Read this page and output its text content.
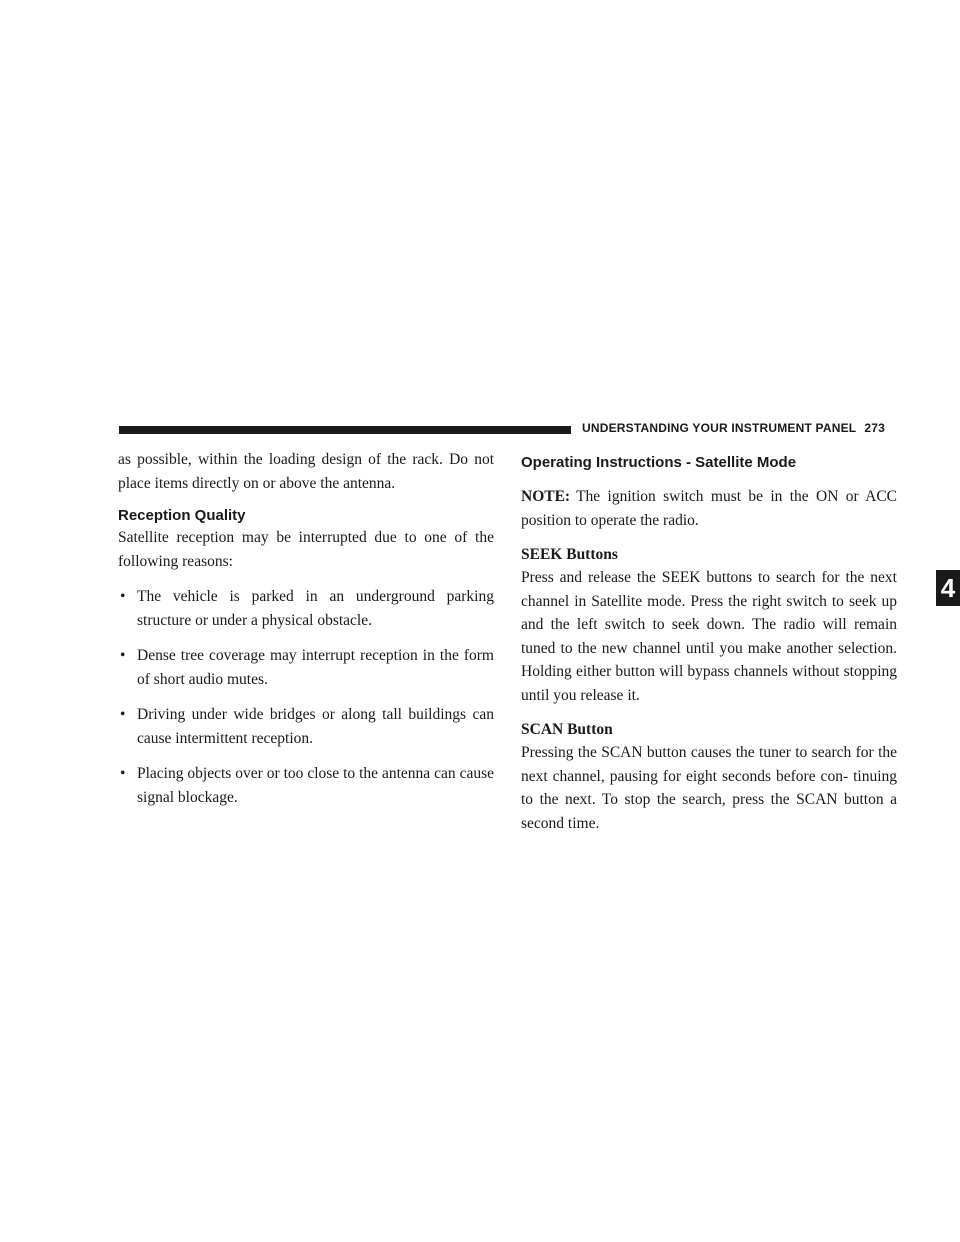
UNDERSTANDING YOUR INSTRUMENT PANEL 273
4

as possible, within the loading design of the rack. Do not place items directly on or above the antenna.

Reception Quality

Satellite reception may be interrupted due to one of the following reasons:

• The vehicle is parked in an underground parking structure or under a physical obstacle.
• Dense tree coverage may interrupt reception in the form of short audio mutes.
• Driving under wide bridges or along tall buildings can cause intermittent reception.
• Placing objects over or too close to the antenna can cause signal blockage.
Operating Instructions - Satellite Mode

NOTE: The ignition switch must be in the ON or ACC position to operate the radio.

SEEK Buttons

Press and release the SEEK buttons to search for the next channel in Satellite mode. Press the right switch to seek up and the left switch to seek down. The radio will remain tuned to the new channel until you make another selection. Holding either button will bypass channels without stopping until you release it.

SCAN Button

Pressing the SCAN button causes the tuner to search for the next channel, pausing for eight seconds before con- tinuing to the next. To stop the search, press the SCAN button a second time.
